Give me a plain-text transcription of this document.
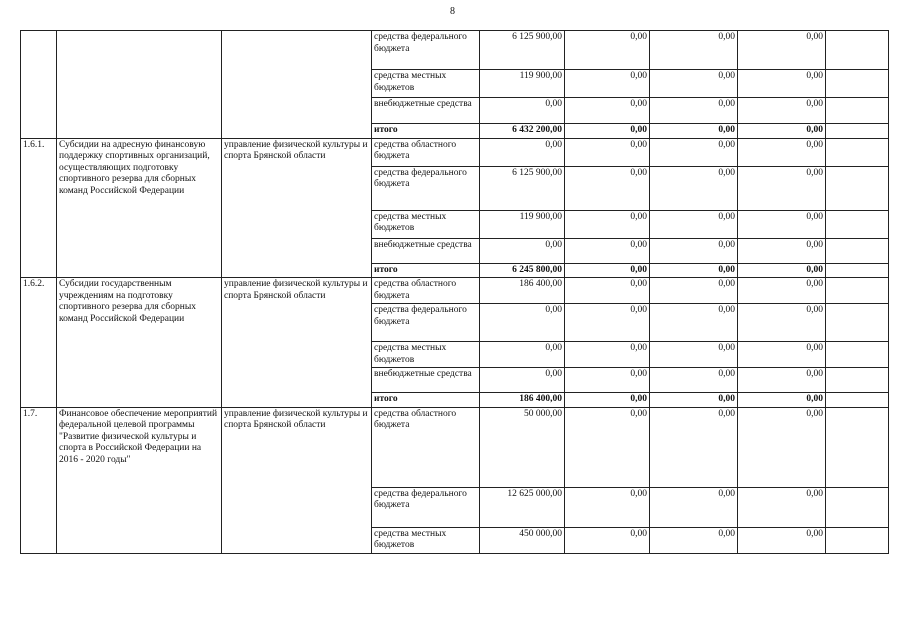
8
			средства федерального бюджета	6 125 900,00	0,00	0,00	0,00	
			средства местных бюджетов	119 900,00	0,00	0,00	0,00	
			внебюджетные средства	0,00	0,00	0,00	0,00	
			итого	6 432 200,00	0,00	0,00	0,00	
1.6.1.	Субсидии на адресную финансовую поддержку спортивных организаций, осуществляющих подготовку спортивного резерва для сборных команд Российской Федерации	управление физической культуры и спорта Брянской области	средства областного бюджета	0,00	0,00	0,00	0,00	
			средства федерального бюджета	6 125 900,00	0,00	0,00	0,00	
			средства местных бюджетов	119 900,00	0,00	0,00	0,00	
			внебюджетные средства	0,00	0,00	0,00	0,00	
			итого	6 245 800,00	0,00	0,00	0,00	
1.6.2.	Субсидии государственным учреждениям на подготовку спортивного резерва для сборных команд Российской Федерации	управление физической культуры и спорта Брянской области	средства областного бюджета	186 400,00	0,00	0,00	0,00	
			средства федерального бюджета	0,00	0,00	0,00	0,00	
			средства местных бюджетов	0,00	0,00	0,00	0,00	
			внебюджетные средства	0,00	0,00	0,00	0,00	
			итого	186 400,00	0,00	0,00	0,00	
1.7.	Финансовое обеспечение мероприятий федеральной целевой программы "Развитие физической культуры и спорта в Российской Федерации на 2016 - 2020 годы"	управление физической культуры и спорта Брянской области	средства областного бюджета	50 000,00	0,00	0,00	0,00	
			средства федерального бюджета	12 625 000,00	0,00	0,00	0,00	
			средства местных бюджетов	450 000,00	0,00	0,00	0,00	
